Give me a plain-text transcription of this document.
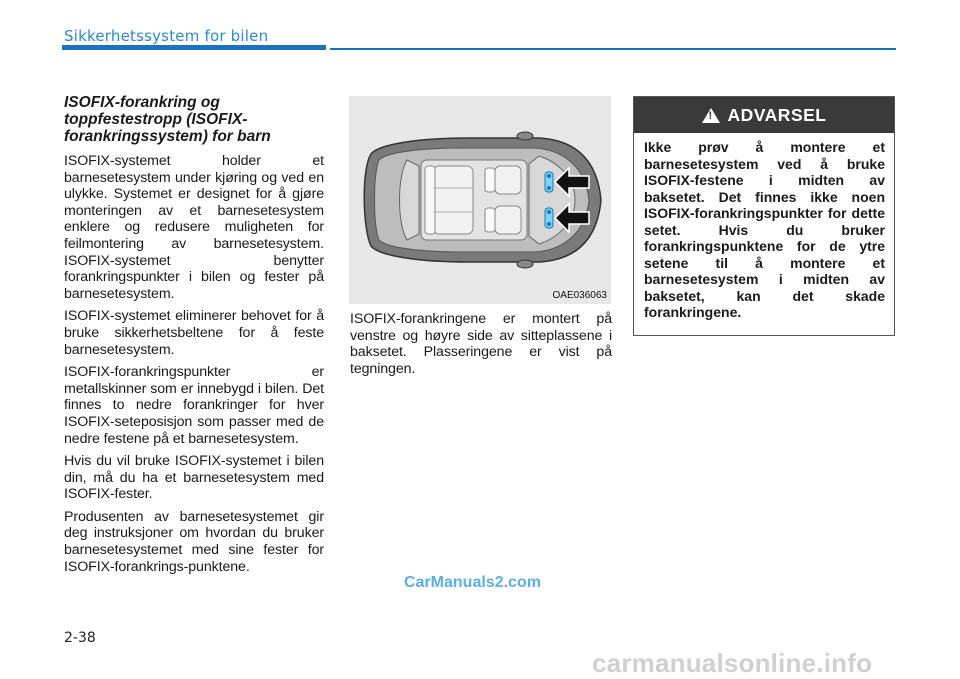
Sikkerhetssystem for bilen

ISOFIX-forankring og toppfestestropp (ISOFIX-forankringssystem) for barn

ISOFIX-systemet holder et barnesetesystem under kjøring og ved en ulykke. Systemet er designet for å gjøre monteringen av et barnesetesystem enklere og redusere muligheten for feilmontering av barnesetesystem. ISOFIX-systemet benytter forankringspunkter i bilen og fester på barnesetesystem.

ISOFIX-systemet eliminerer behovet for å bruke sikkerhetsbeltene for å feste barnesetesystem.

ISOFIX-forankringspunkter er metallskinner som er innebygd i bilen. Det finnes to nedre forankringer for hver ISOFIX-seteposisjon som passer med de nedre festene på et barnesetesystem.

Hvis du vil bruke ISOFIX-systemet i bilen din, må du ha et barnesetesystem med ISOFIX-fester.

Produsenten av barnesetesystemet gir deg instruksjoner om hvordan du bruker barnesetesystemet med sine fester for ISOFIX-forankrings-punktene.

OAE036063

ISOFIX-forankringene er montert på venstre og høyre side av sitteplassene i baksetet. Plasseringene er vist på tegningen.

!
ADVARSEL
Ikke prøv å montere et barnesetesystem ved å bruke ISOFIX-festene i midten av baksetet. Det finnes ikke noen ISOFIX-forankringspunkter for dette setet. Hvis du bruker forankringspunktene for de ytre setene til å montere et barnesetesystem i midten av baksetet, kan det skade forankringene.
CarManuals2.com
2-38
carmanualsonline.info
